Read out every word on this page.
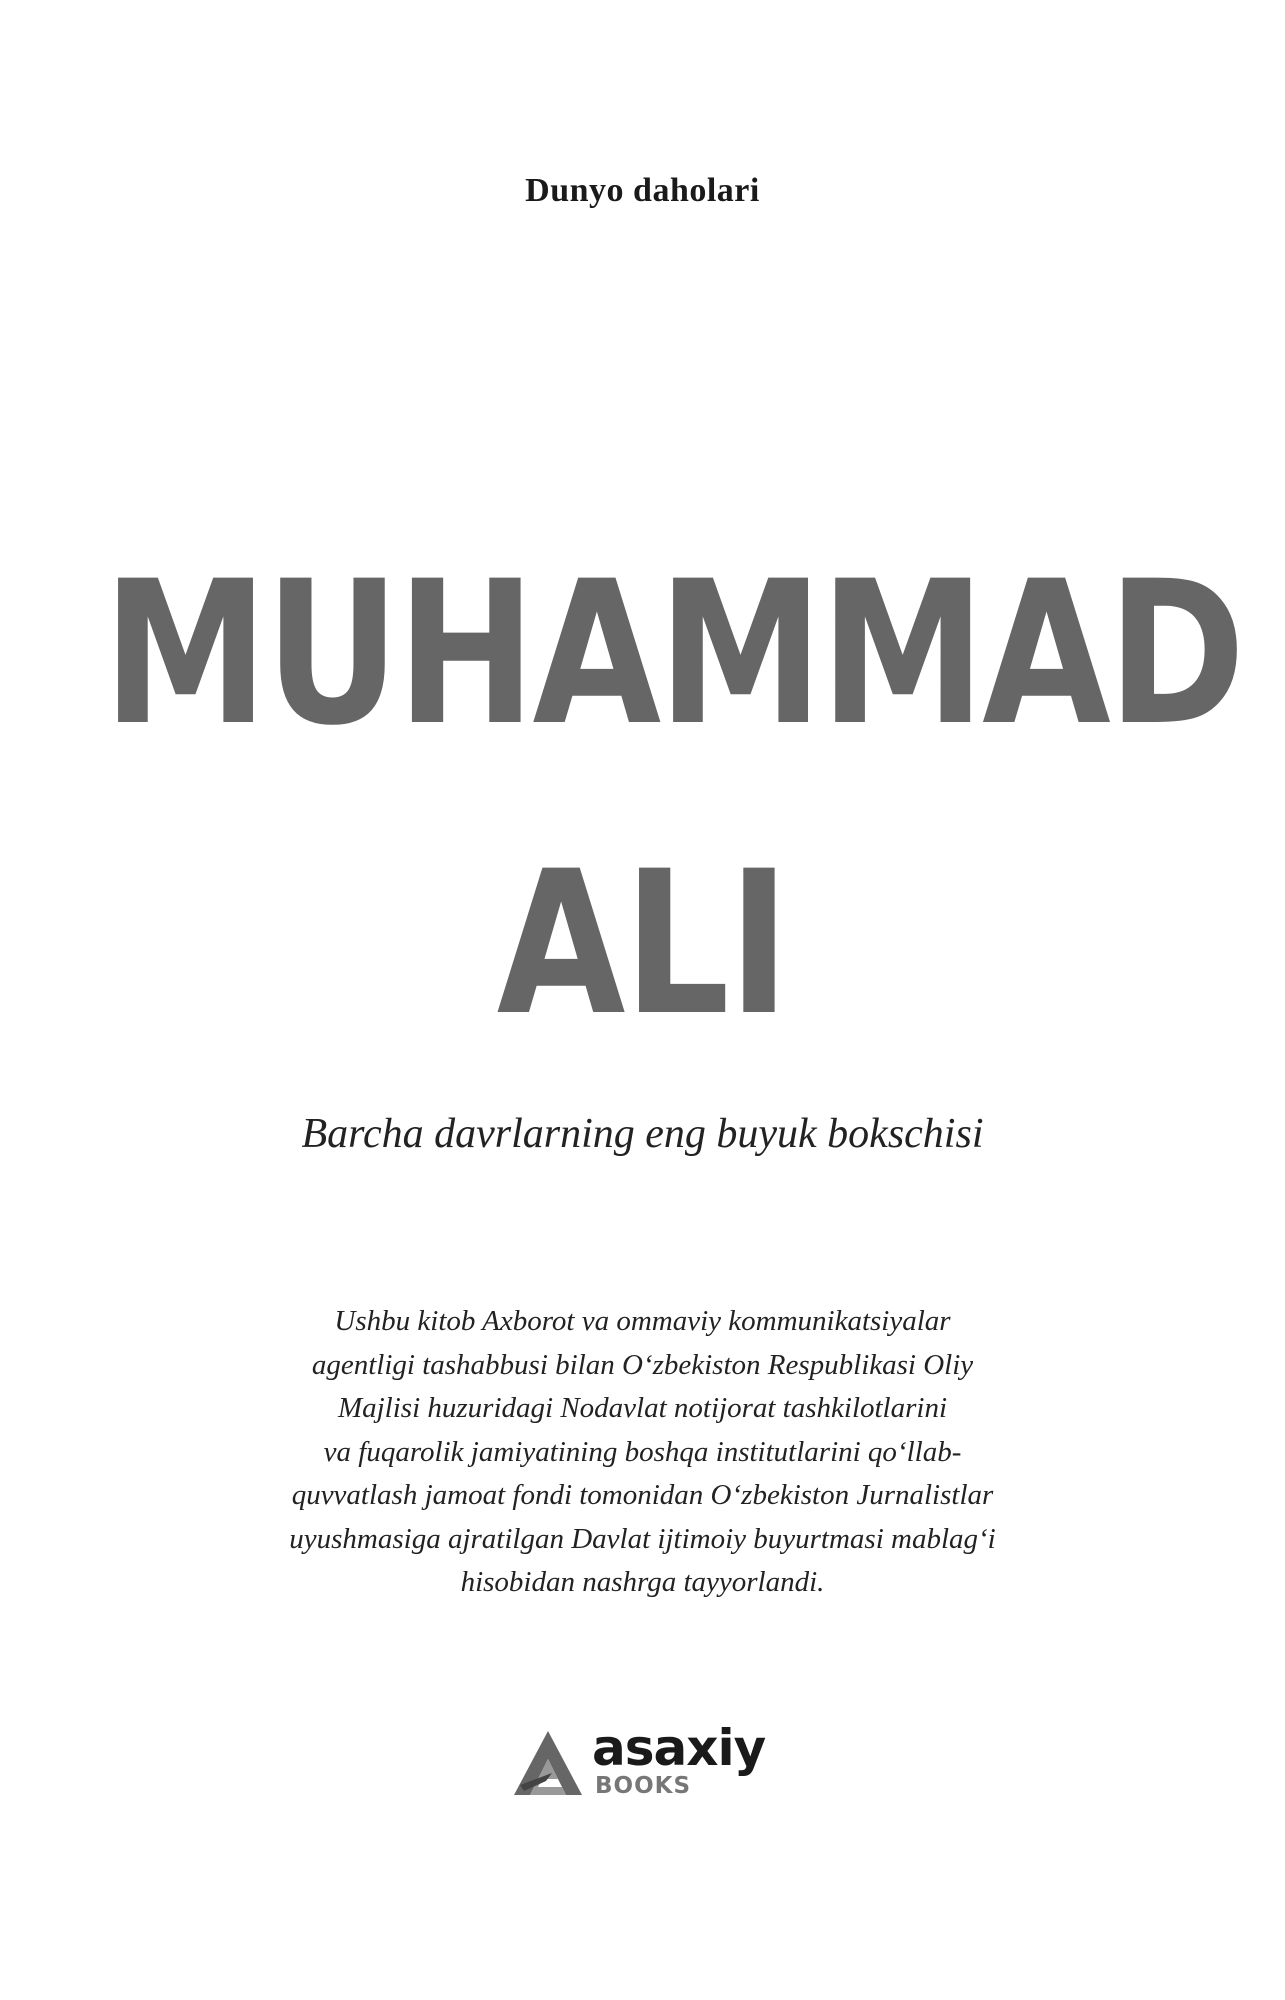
Dunyo daholari
MUHAMMAD
ALI
Barcha davrlarning eng buyuk bokschisi
Ushbu kitob Axborot va ommaviy kommunikatsiyalar
agentligi tashabbusi bilan O‘zbekiston Respublikasi Oliy
Majlisi huzuridagi Nodavlat notijorat tashkilotlarini
va fuqarolik jamiyatining boshqa institutlarini qo‘llab-
quvvatlash jamoat fondi tomonidan O‘zbekiston Jurnalistlar
uyushmasiga ajratilgan Davlat ijtimoiy buyurtmasi mablag‘i
hisobidan nashrga tayyorlandi.
asaxiy
BOOKS
